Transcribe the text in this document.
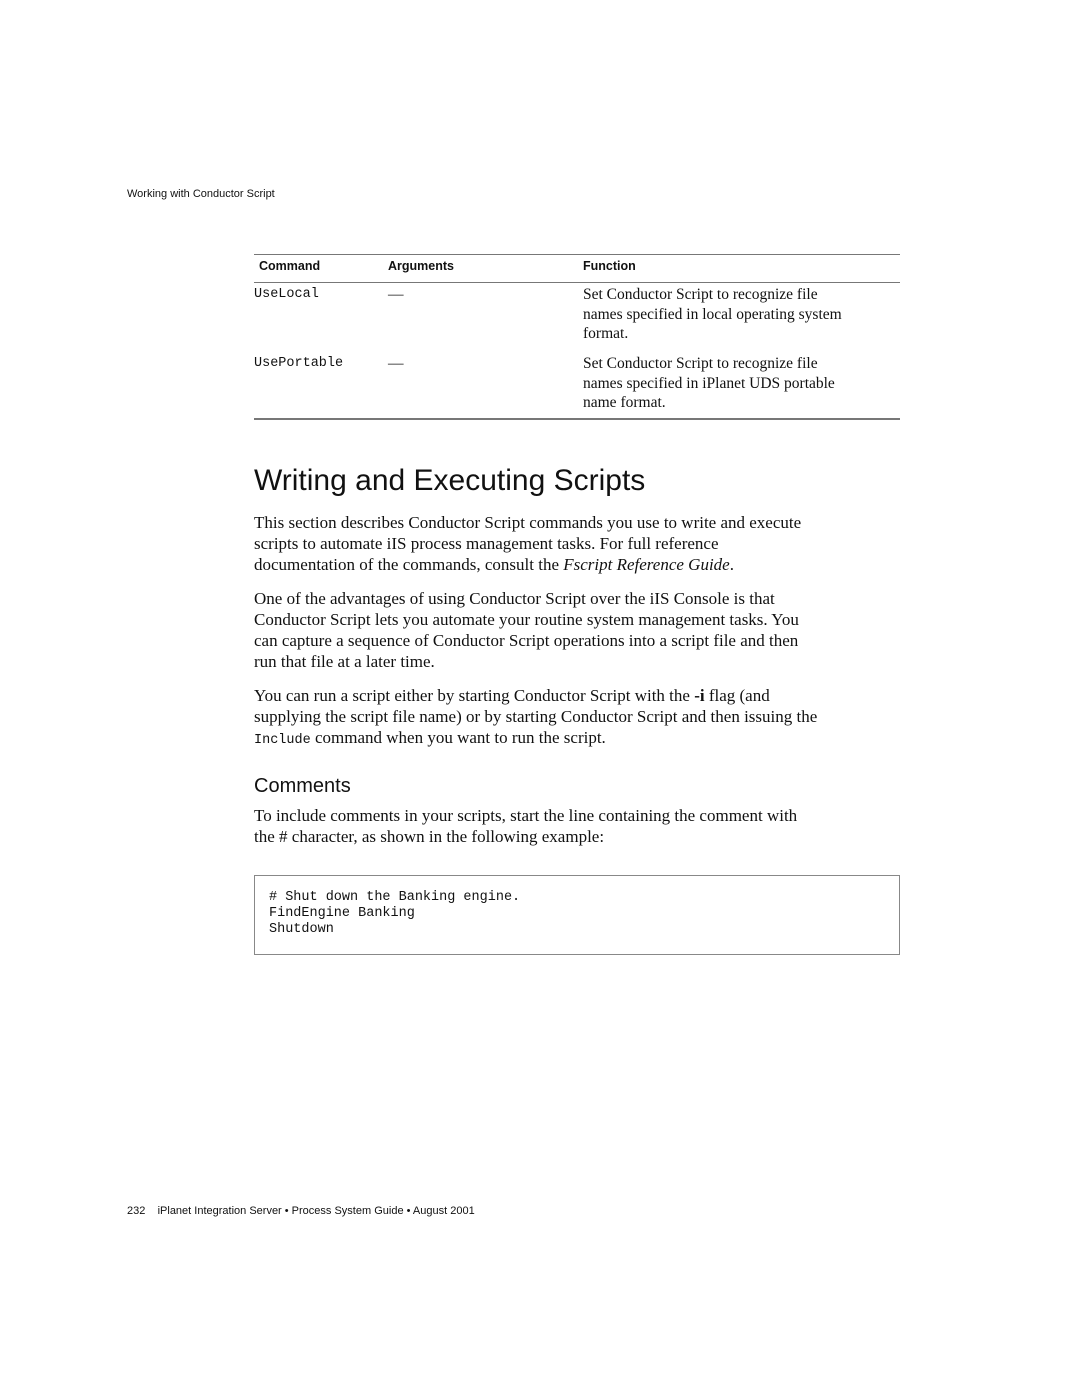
Working with Conductor Script
Command	Arguments	Function
UseLocal	—	Set Conductor Script to recognize file
names specified in local operating system
format.
UsePortable	—	Set Conductor Script to recognize file
names specified in iPlanet UDS portable
name format.
Writing and Executing Scripts
This section describes Conductor Script commands you use to write and execute
scripts to automate iIS process management tasks. For full reference
documentation of the commands, consult the Fscript Reference Guide.
One of the advantages of using Conductor Script over the iIS Console is that
Conductor Script lets you automate your routine system management tasks. You
can capture a sequence of Conductor Script operations into a script file and then
run that file at a later time.
You can run a script either by starting Conductor Script with the -i flag (and
supplying the script file name) or by starting Conductor Script and then issuing the
Include command when you want to run the script.
Comments
To include comments in your scripts, start the line containing the comment with
the # character, as shown in the following example:
# Shut down the Banking engine.
FindEngine Banking
Shutdown
232 iPlanet Integration Server • Process System Guide • August 2001
